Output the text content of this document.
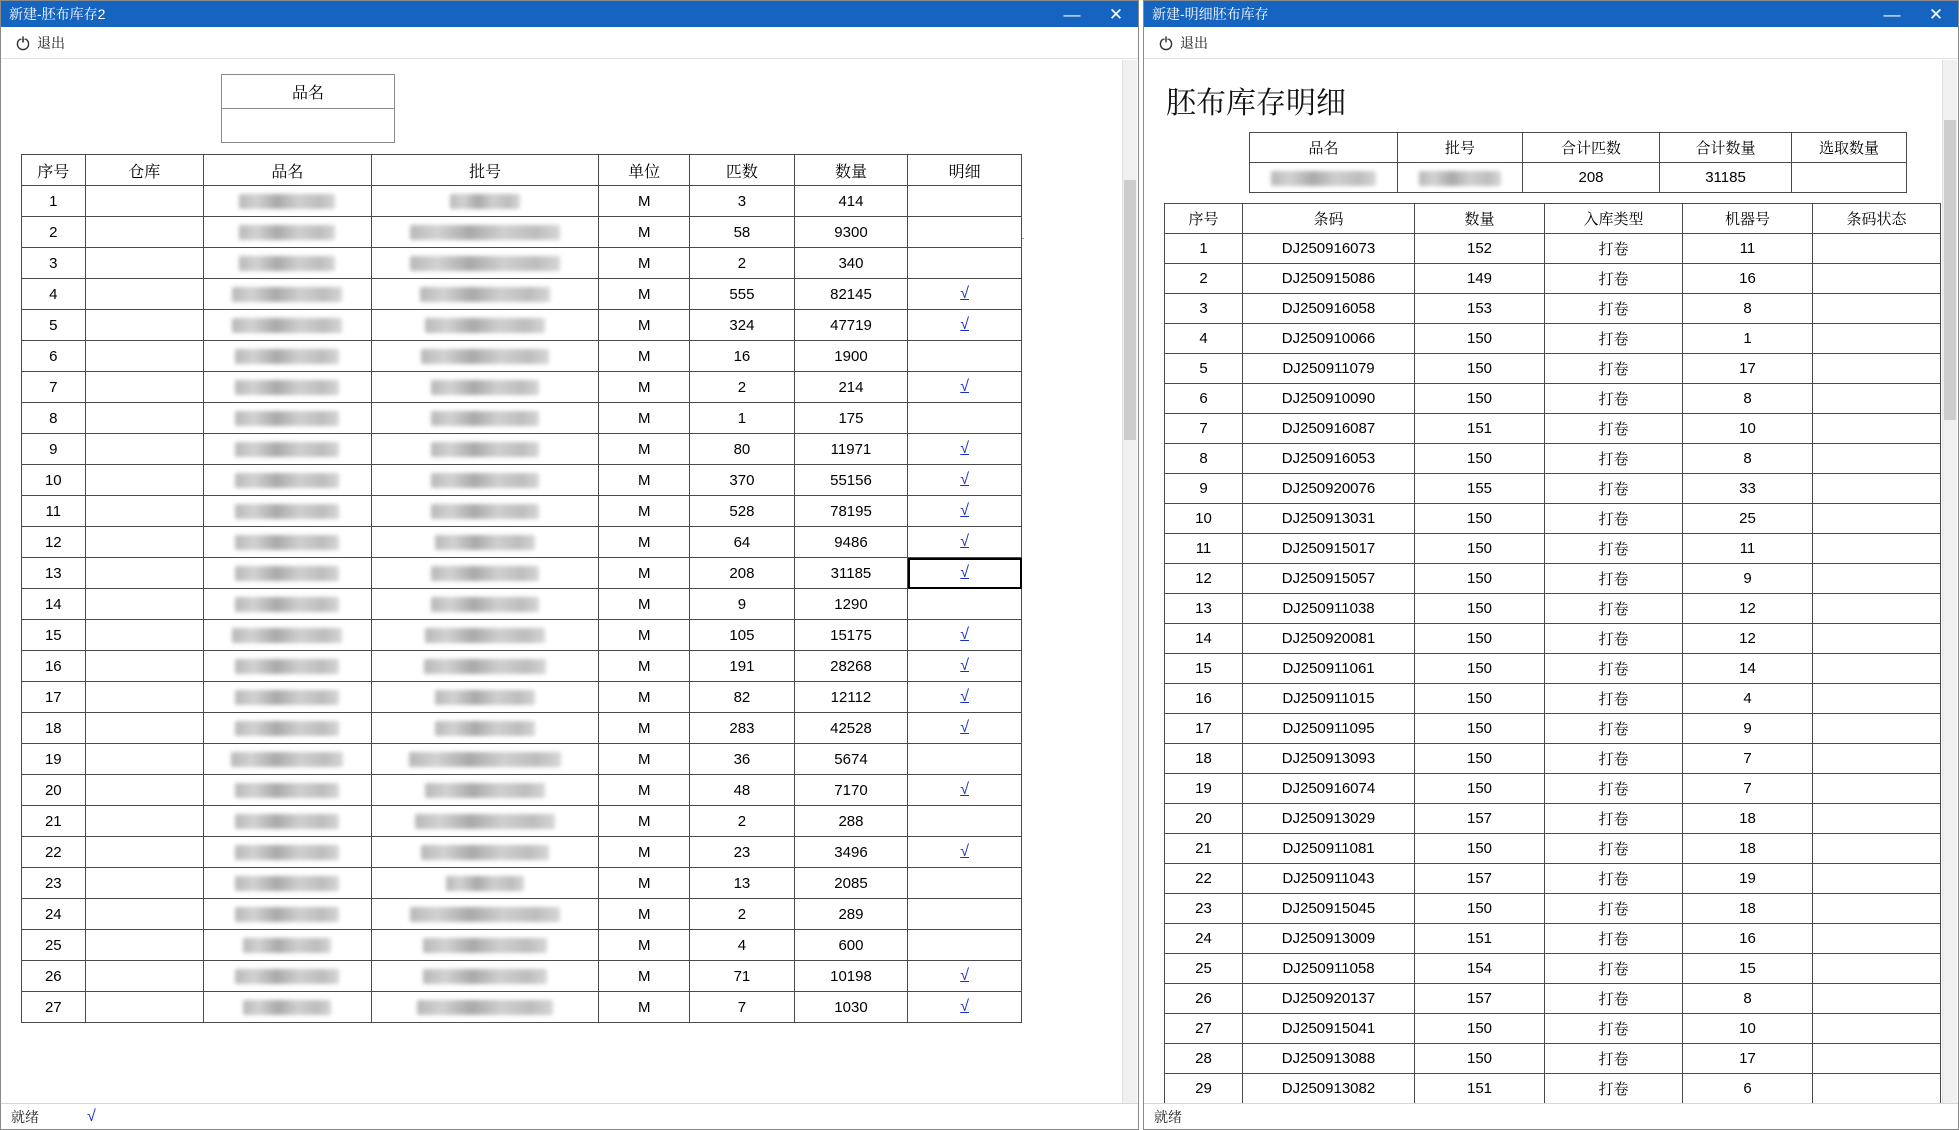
新建-胚布库存2	—	✕
退出
品名
序号	仓库	品名	批号	单位	匹数	数量	明细
1				M	3	414	
2				M	58	9300	
3				M	2	340	
4				M	555	82145	√
5				M	324	47719	√
6				M	16	1900	
7				M	2	214	√
8				M	1	175	
9				M	80	11971	√
10				M	370	55156	√
11				M	528	78195	√
12				M	64	9486	√
13				M	208	31185	√
14				M	9	1290	
15				M	105	15175	√
16				M	191	28268	√
17				M	82	12112	√
18				M	283	42528	√
19				M	36	5674	
20				M	48	7170	√
21				M	2	288	
22				M	23	3496	√
23				M	13	2085	
24				M	2	289	
25				M	4	600	
26				M	71	10198	√
27				M	7	1030	√
就绪	√
新建-明细胚布库存	—	✕
退出
胚布库存明细
品名	批号	合计匹数	合计数量	选取数量
		208	31185	
序号	条码	数量	入库类型	机器号	条码状态
1	DJ250916073	152	打卷	11	
2	DJ250915086	149	打卷	16	
3	DJ250916058	153	打卷	8	
4	DJ250910066	150	打卷	1	
5	DJ250911079	150	打卷	17	
6	DJ250910090	150	打卷	8	
7	DJ250916087	151	打卷	10	
8	DJ250916053	150	打卷	8	
9	DJ250920076	155	打卷	33	
10	DJ250913031	150	打卷	25	
11	DJ250915017	150	打卷	11	
12	DJ250915057	150	打卷	9	
13	DJ250911038	150	打卷	12	
14	DJ250920081	150	打卷	12	
15	DJ250911061	150	打卷	14	
16	DJ250911015	150	打卷	4	
17	DJ250911095	150	打卷	9	
18	DJ250913093	150	打卷	7	
19	DJ250916074	150	打卷	7	
20	DJ250913029	157	打卷	18	
21	DJ250911081	150	打卷	18	
22	DJ250911043	157	打卷	19	
23	DJ250915045	150	打卷	18	
24	DJ250913009	151	打卷	16	
25	DJ250911058	154	打卷	15	
26	DJ250920137	157	打卷	8	
27	DJ250915041	150	打卷	10	
28	DJ250913088	150	打卷	17	
29	DJ250913082	151	打卷	6	
就绪
